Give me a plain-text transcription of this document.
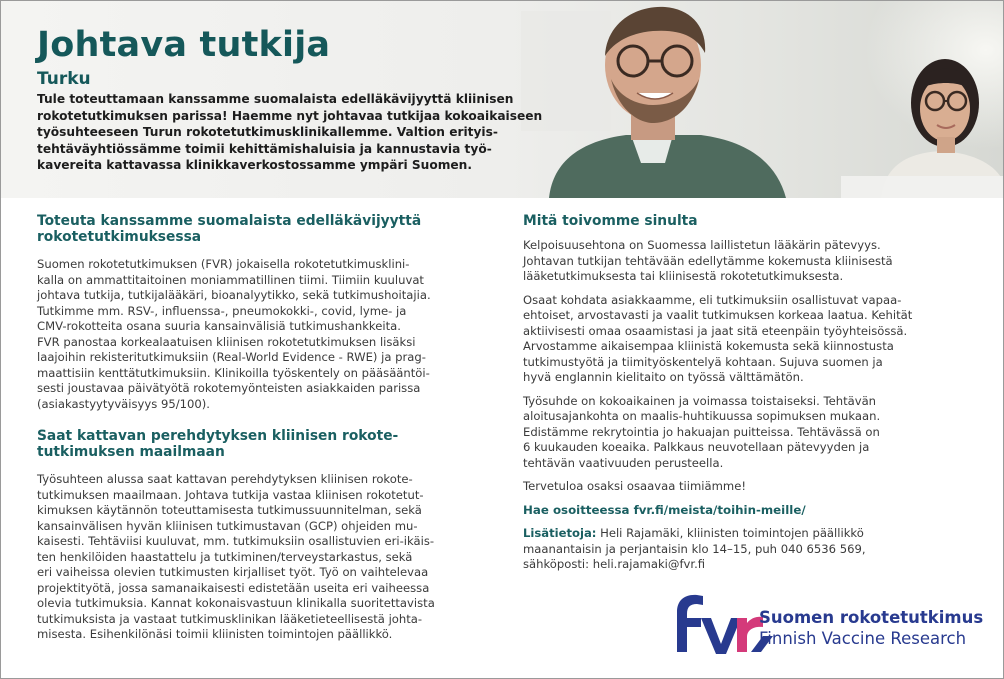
Johtava tutkija
Turku

Tule toteuttamaan kanssamme suomalaista edelläkävijyyttä kliinisen
rokotetutkimuksen parissa! Haemme nyt johtavaa tutkijaa kokoaikaiseen
työsuhteeseen Turun rokotetutkimusklinikallemme. Valtion erityis-
tehtäväyhtiössämme toimii kehittämishaluisia ja kannustavia työ-
kavereita kattavassa klinikkaverkostossamme ympäri Suomen.

Toteuta kanssamme suomalaista edelläkävijyyttä
rokotetutkimuksessa

Suomen rokotetutkimuksen (FVR) jokaisella rokotetutkimusklini-
kalla on ammattitaitoinen moniammatillinen tiimi. Tiimiin kuuluvat
johtava tutkija, tutkijalääkäri, bioanalyytikko, sekä tutkimushoitajia.
Tutkimme mm. RSV-, influenssa-, pneumokokki-, covid, lyme- ja
CMV-rokotteita osana suuria kansainvälisiä tutkimushankkeita.
FVR panostaa korkealaatuisen kliinisen rokotetutkimuksen lisäksi
laajoihin rekisteritutkimuksiin (Real-World Evidence - RWE) ja prag-
maattisiin kenttätutkimuksiin. Klinikoilla työskentely on pääsääntöi-
sesti joustavaa päivätyötä rokotemyönteisten asiakkaiden parissa
(asiakastyytyväisyys 95/100).

Saat kattavan perehdytyksen kliinisen rokote-
tutkimuksen maailmaan

Työsuhteen alussa saat kattavan perehdytyksen kliinisen rokote-
tutkimuksen maailmaan. Johtava tutkija vastaa kliinisen rokotetut-
kimuksen käytännön toteuttamisesta tutkimussuunnitelman, sekä
kansainvälisen hyvän kliinisen tutkimustavan (GCP) ohjeiden mu-
kaisesti. Tehtäviisi kuuluvat, mm. tutkimuksiin osallistuvien eri-ikäis-
ten henkilöiden haastattelu ja tutkiminen/terveystarkastus, sekä
eri vaiheissa olevien tutkimusten kirjalliset työt. Työ on vaihtelevaa
projektityötä, jossa samanaikaisesti edistetään useita eri vaiheessa
olevia tutkimuksia. Kannat kokonaisvastuun klinikalla suoritettavista
tutkimuksista ja vastaat tutkimusklinikan lääketieteellisestä johta-
misesta. Esihenkilönäsi toimii kliinisten toimintojen päällikkö.

Mitä toivomme sinulta

Kelpoisuusehtona on Suomessa laillistetun lääkärin pätevyys.
Johtavan tutkijan tehtävään edellytämme kokemusta kliinisestä
lääketutkimuksesta tai kliinisestä rokotetutkimuksesta.

Osaat kohdata asiakkaamme, eli tutkimuksiin osallistuvat vapaa-
ehtoiset, arvostavasti ja vaalit tutkimuksen korkeaa laatua. Kehität
aktiivisesti omaa osaamistasi ja jaat sitä eteenpäin työyhteisössä.
Arvostamme aikaisempaa kliinistä kokemusta sekä kiinnostusta
tutkimustyötä ja tiimityöskentelyä kohtaan. Sujuva suomen ja
hyvä englannin kielitaito on työssä välttämätön.

Työsuhde on kokoaikainen ja voimassa toistaiseksi. Tehtävän
aloitusajankohta on maalis-huhtikuussa sopimuksen mukaan.
Edistämme rekrytointia jo hakuajan puitteissa. Tehtävässä on
6 kuukauden koeaika. Palkkaus neuvotellaan pätevyyden ja
tehtävän vaativuuden perusteella.

Tervetuloa osaksi osaavaa tiimiämme!

Hae osoitteessa fvr.fi/meista/toihin-meille/

Lisätietoja: Heli Rajamäki, kliinisten toimintojen päällikkö
maanantaisin ja perjantaisin klo 14–15, puh 040 6536 569,
sähköposti: heli.rajamaki@fvr.fi

Suomen rokotetutkimus
Finnish Vaccine Research
